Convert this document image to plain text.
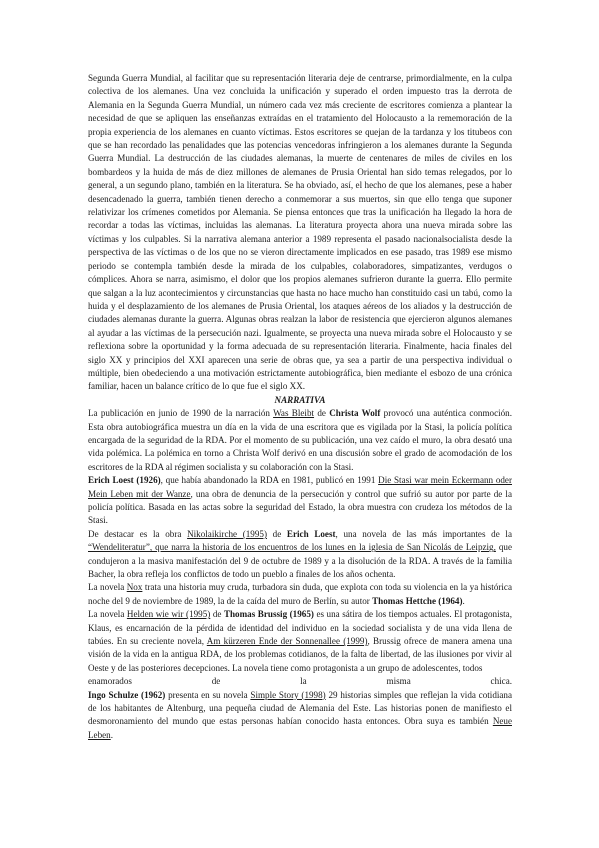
Segunda Guerra Mundial, al facilitar que su representación literaria deje de centrarse, primordialmente, en la culpa colectiva de los alemanes. Una vez concluida la unificación y superado el orden impuesto tras la derrota de Alemania en la Segunda Guerra Mundial, un número cada vez más creciente de escritores comienza a plantear la necesidad de que se apliquen las enseñanzas extraídas en el tratamiento del Holocausto a la rememoración de la propia experiencia de los alemanes en cuanto víctimas. Estos escritores se quejan de la tardanza y los titubeos con que se han recordado las penalidades que las potencias vencedoras infringieron a los alemanes durante la Segunda Guerra Mundial. La destrucción de las ciudades alemanas, la muerte de centenares de miles de civiles en los bombardeos y la huida de más de diez millones de alemanes de Prusia Oriental han sido temas relegados, por lo general, a un segundo plano, también en la literatura. Se ha obviado, así, el hecho de que los alemanes, pese a haber desencadenado la guerra, también tienen derecho a conmemorar a sus muertos, sin que ello tenga que suponer relativizar los crímenes cometidos por Alemania. Se piensa entonces que tras la unificación ha llegado la hora de recordar a todas las víctimas, incluidas las alemanas. La literatura proyecta ahora una nueva mirada sobre las víctimas y los culpables. Si la narrativa alemana anterior a 1989 representa el pasado nacionalsocialista desde la perspectiva de las víctimas o de los que no se vieron directamente implicados en ese pasado, tras 1989 ese mismo periodo se contempla también desde la mirada de los culpables, colaboradores, simpatizantes, verdugos o cómplices. Ahora se narra, asimismo, el dolor que los propios alemanes sufrieron durante la guerra. Ello permite que salgan a la luz acontecimientos y circunstancias que hasta no hace mucho han constituido casi un tabú, como la huida y el desplazamiento de los alemanes de Prusia Oriental, los ataques aéreos de los aliados y la destrucción de ciudades alemanas durante la guerra. Algunas obras realzan la labor de resistencia que ejercieron algunos alemanes al ayudar a las víctimas de la persecución nazi. Igualmente, se proyecta una nueva mirada sobre el Holocausto y se reflexiona sobre la oportunidad y la forma adecuada de su representación literaria. Finalmente, hacia finales del siglo XX y principios del XXI aparecen una serie de obras que, ya sea a partir de una perspectiva individual o múltiple, bien obedeciendo a una motivación estrictamente autobiográfica, bien mediante el esbozo de una crónica familiar, hacen un balance crítico de lo que fue el siglo XX.

NARRATIVA

La publicación en junio de 1990 de la narración Was Bleibt de Christa Wolf provocó una auténtica conmoción. Esta obra autobiográfica muestra un día en la vida de una escritora que es vigilada por la Stasi, la policía política encargada de la seguridad de la RDA. Por el momento de su publicación, una vez caído el muro, la obra desató una vida polémica. La polémica en torno a Christa Wolf derivó en una discusión sobre el grado de acomodación de los escritores de la RDA al régimen socialista y su colaboración con la Stasi.

Erich Loest (1926), que había abandonado la RDA en 1981, publicó en 1991 Die Stasi war mein Eckermann oder Mein Leben mit der Wanze, una obra de denuncia de la persecución y control que sufrió su autor por parte de la policía política. Basada en las actas sobre la seguridad del Estado, la obra muestra con crudeza los métodos de la Stasi.

De destacar es la obra Nikolaikirche (1995) de Erich Loest, una novela de las más importantes de la “Wendeliteratur”, que narra la historia de los encuentros de los lunes en la iglesia de San Nicolás de Leipzig, que condujeron a la masiva manifestación del 9 de octubre de 1989 y a la disolución de la RDA. A través de la familia Bacher, la obra refleja los conflictos de todo un pueblo a finales de los años ochenta.

La novela Nox trata una historia muy cruda, turbadora sin duda, que explota con toda su violencia en la ya histórica noche del 9 de noviembre de 1989, la de la caída del muro de Berlín, su autor Thomas Hettche (1964).

La novela Helden wie wir (1995) de Thomas Brussig (1965) es una sátira de los tiempos actuales. El protagonista, Klaus, es encarnación de la pérdida de identidad del individuo en la sociedad socialista y de una vida llena de tabúes. En su creciente novela, Am kürzeren Ende der Sonnenallee (1999), Brussig ofrece de manera amena una visión de la vida en la antigua RDA, de los problemas cotidianos, de la falta de libertad, de las ilusiones por vivir al Oeste y de las posteriores decepciones. La novela tiene como protagonista a un grupo de adolescentes, todos

enamorados	de	la	misma	chica.

Ingo Schulze (1962) presenta en su novela Simple Story (1998) 29 historias simples que reflejan la vida cotidiana de los habitantes de Altenburg, una pequeña ciudad de Alemania del Este. Las historias ponen de manifiesto el desmoronamiento del mundo que estas personas habían conocido hasta entonces. Obra suya es también Neue Leben.
